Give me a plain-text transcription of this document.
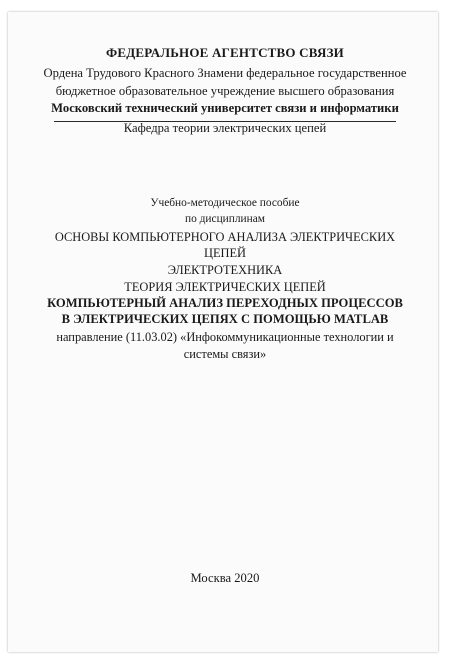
ФЕДЕРАЛЬНОЕ АГЕНТСТВО СВЯЗИ
Ордена Трудового Красного Знамени федеральное государственное
бюджетное образовательное учреждение высшего образования
Московский технический университет связи и информатики
Кафедра теории электрических цепей
Учебно-методическое пособие
по дисциплинам
ОСНОВЫ КОМПЬЮТЕРНОГО АНАЛИЗА ЭЛЕКТРИЧЕСКИХ
ЦЕПЕЙ
ЭЛЕКТРОТЕХНИКА
ТЕОРИЯ ЭЛЕКТРИЧЕСКИХ ЦЕПЕЙ
КОМПЬЮТЕРНЫЙ АНАЛИЗ ПЕРЕХОДНЫХ ПРОЦЕССОВ
В ЭЛЕКТРИЧЕСКИХ ЦЕПЯХ С ПОМОЩЬЮ MATLAB
направление (11.03.02) «Инфокоммуникационные технологии и
системы связи»
Москва 2020
